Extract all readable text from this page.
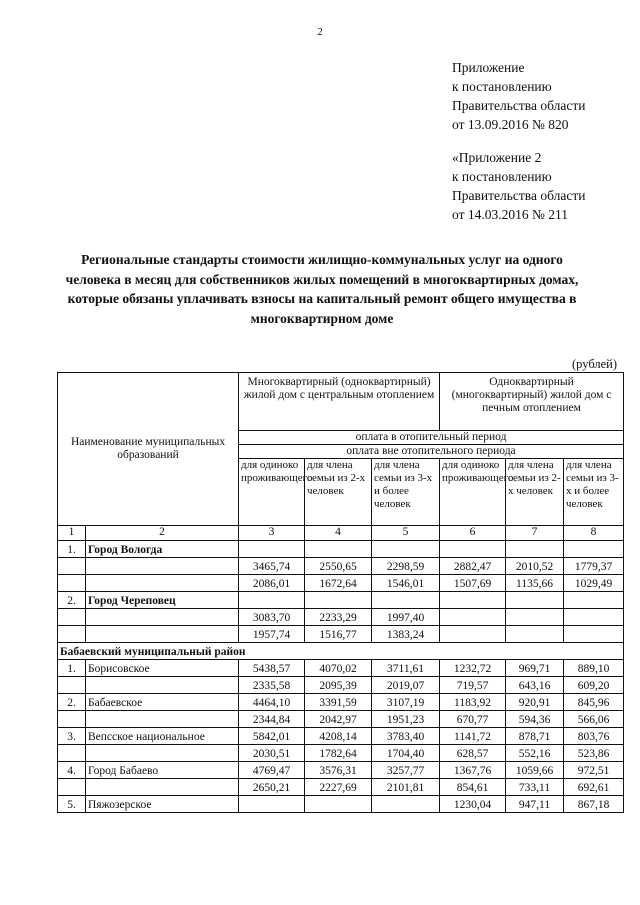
2
Приложение
к постановлению
Правительства области
от 13.09.2016 № 820
«Приложение 2
к постановлению
Правительства области
от 14.03.2016 № 211
Региональные стандарты стоимости жилищно-коммунальных услуг на одного человека в месяц для собственников жилых помещений в многоквартирных домах, которые обязаны уплачивать взносы на капитальный ремонт общего имущества в многоквартирном доме
(рублей)
Наименование муниципальных образований		Многоквартирный (одноквартирный) жилой дом с центральным отоплением			Одноквартирный (многоквартирный) жилой дом с печным отоплением		
		оплата в отопительный период					
		оплата вне отопительного периода					
		для одиноко проживающего	для члена семьи из 2-х человек	для члена семьи из 3-х и более человек	для одиноко проживающего	для члена семьи из 2-х человек	для члена семьи из 3-х и более человек
1	2	3	4	5	6	7	8
1.	Город Вологда						
		3465,74	2550,65	2298,59	2882,47	2010,52	1779,37
		2086,01	1672,64	1546,01	1507,69	1135,66	1029,49
2.	Город Череповец						
		3083,70	2233,29	1997,40			
		1957,74	1516,77	1383,24			
Бабаевский муниципальный район							
1.	Борисовское	5438,57	4070,02	3711,61	1232,72	969,71	889,10
		2335,58	2095,39	2019,07	719,57	643,16	609,20
2.	Бабаевское	4464,10	3391,59	3107,19	1183,92	920,91	845,96
		2344,84	2042,97	1951,23	670,77	594,36	566,06
3.	Вепсское национальное	5842,01	4208,14	3783,40	1141,72	878,71	803,76
		2030,51	1782,64	1704,40	628,57	552,16	523,86
4.	Город Бабаево	4769,47	3576,31	3257,77	1367,76	1059,66	972,51
		2650,21	2227,69	2101,81	854,61	733,11	692,61
5.	Пяжозерское				1230,04	947,11	867,18
